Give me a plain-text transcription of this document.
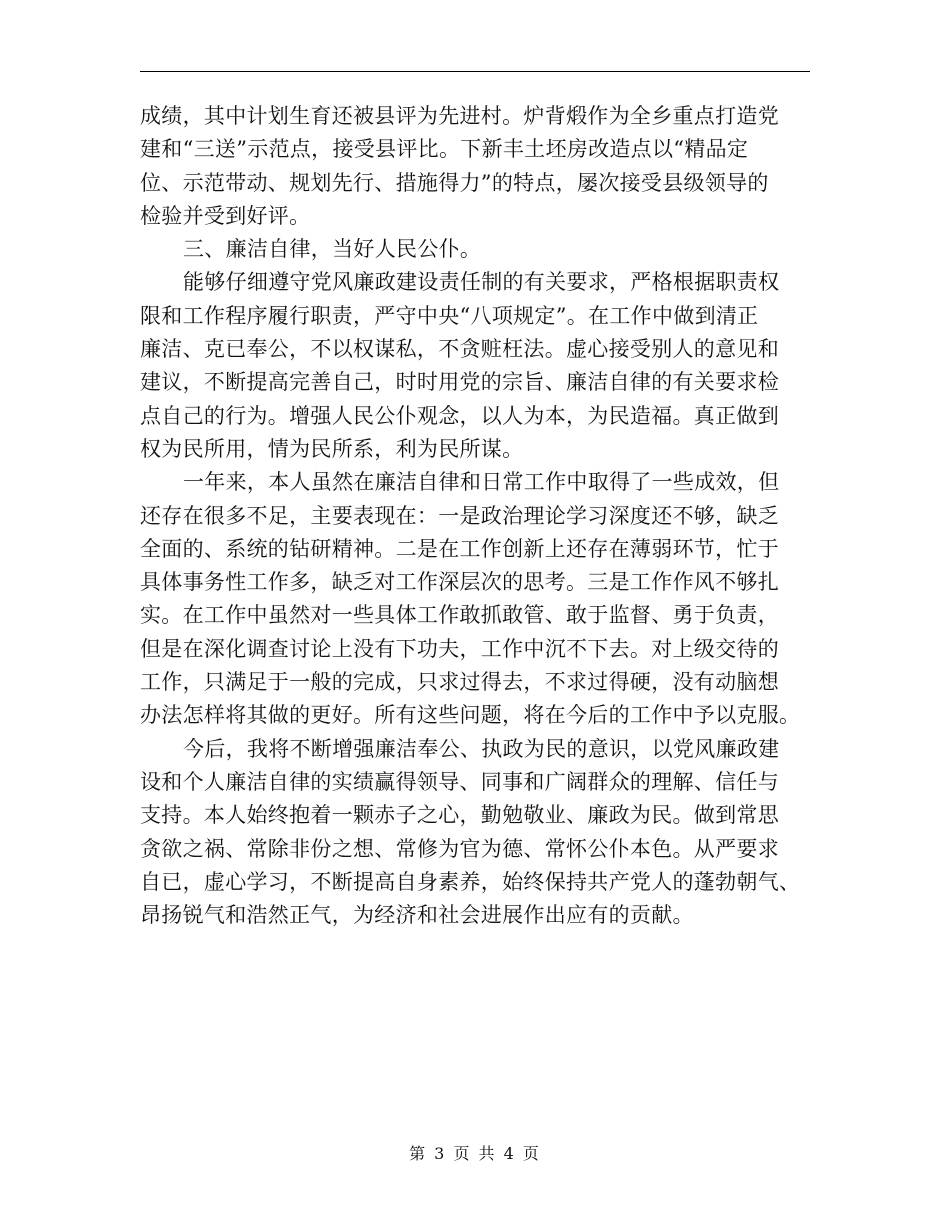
成绩，其中计划生育还被县评为先进村。炉背煅作为全乡重点打造党
建和“三送”示范点，接受县评比。下新丰土坯房改造点以“精品定
位、示范带动、规划先行、措施得力”的特点，屡次接受县级领导的
检验并受到好评。
三、廉洁自律，当好人民公仆。
能够仔细遵守党风廉政建设责任制的有关要求，严格根据职责权
限和工作程序履行职责，严守中央“八项规定”。在工作中做到清正
廉洁、克已奉公，不以权谋私，不贪赃枉法。虚心接受别人的意见和
建议，不断提高完善自己，时时用党的宗旨、廉洁自律的有关要求检
点自己的行为。增强人民公仆观念，以人为本，为民造福。真正做到
权为民所用，情为民所系，利为民所谋。
一年来，本人虽然在廉洁自律和日常工作中取得了一些成效，但
还存在很多不足，主要表现在：一是政治理论学习深度还不够，缺乏
全面的、系统的钻研精神。二是在工作创新上还存在薄弱环节，忙于
具体事务性工作多，缺乏对工作深层次的思考。三是工作作风不够扎
实。在工作中虽然对一些具体工作敢抓敢管、敢于监督、勇于负责，
但是在深化调查讨论上没有下功夫，工作中沉不下去。对上级交待的
工作，只满足于一般的完成，只求过得去，不求过得硬，没有动脑想
办法怎样将其做的更好。所有这些问题，将在今后的工作中予以克服。
今后，我将不断增强廉洁奉公、执政为民的意识，以党风廉政建
设和个人廉洁自律的实绩赢得领导、同事和广阔群众的理解、信任与
支持。本人始终抱着一颗赤子之心，勤勉敬业、廉政为民。做到常思
贪欲之祸、常除非份之想、常修为官为德、常怀公仆本色。从严要求
自已，虚心学习，不断提高自身素养，始终保持共产党人的蓬勃朝气、
昂扬锐气和浩然正气，为经济和社会进展作出应有的贡献。
第 3 页 共 4 页
